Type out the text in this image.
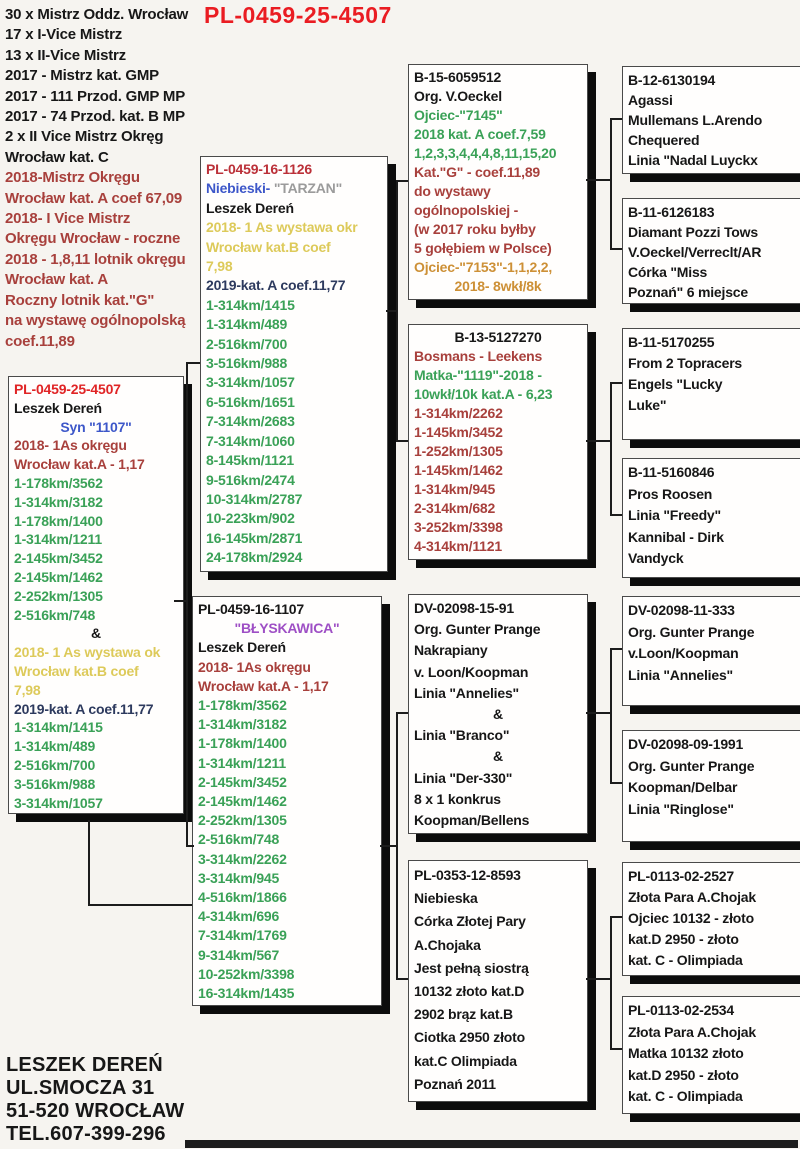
PL-0459-25-4507
30 x Mistrz Oddz. Wrocław
17 x I-Vice Mistrz
13 x II-Vice Mistrz
2017 - Mistrz kat. GMP
2017 - 111 Przod. GMP MP
2017 - 74 Przod. kat. B MP
2 x II Vice Mistrz Okręg
Wrocław kat. C
2018-Mistrz Okręgu
Wrocław kat. A coef 67,09
2018- I Vice Mistrz
Okręgu Wrocław - roczne
2018 - 1,8,11 lotnik okręgu
Wrocław kat. A
Roczny lotnik kat."G"
na wystawę ogólnopolską
coef.11,89
PL-0459-25-4507
Leszek Dereń
Syn "1107"
2018- 1As okręgu
Wrocław kat.A - 1,17
1-178km/3562
1-314km/3182
1-178km/1400
1-314km/1211
2-145km/3452
2-145km/1462
2-252km/1305
2-516km/748
&
2018- 1 As wystawa ok
Wrocław kat.B coef
7,98
2019-kat. A coef.11,77
1-314km/1415
1-314km/489
2-516km/700
3-516km/988
3-314km/1057
PL-0459-16-1126
Niebieski- "TARZAN"
Leszek Dereń
2018- 1 As wystawa okr
Wrocław kat.B coef
7,98
2019-kat. A coef.11,77
1-314km/1415
1-314km/489
2-516km/700
3-516km/988
3-314km/1057
6-516km/1651
7-314km/2683
7-314km/1060
8-145km/1121
9-516km/2474
10-314km/2787
10-223km/902
16-145km/2871
24-178km/2924
PL-0459-16-1107
"BŁYSKAWICA"
Leszek Dereń
2018- 1As okręgu
Wrocław kat.A - 1,17
1-178km/3562
1-314km/3182
1-178km/1400
1-314km/1211
2-145km/3452
2-145km/1462
2-252km/1305
2-516km/748
3-314km/2262
3-314km/945
4-516km/1866
4-314km/696
7-314km/1769
9-314km/567
10-252km/3398
16-314km/1435
B-15-6059512
Org. V.Oeckel
Ojciec-"7145"
2018 kat. A coef.7,59
1,2,3,3,4,4,4,8,11,15,20
Kat."G" - coef.11,89
do wystawy
ogólnopolskiej -
(w 2017 roku byłby
5 gołębiem w Polsce)
Ojciec-"7153"-1,1,2,2,
2018- 8wkł/8k
B-13-5127270
Bosmans - Leekens
Matka-"1119"-2018 -
10wkł/10k kat.A - 6,23
1-314km/2262
1-145km/3452
1-252km/1305
1-145km/1462
1-314km/945
2-314km/682
3-252km/3398
4-314km/1121
DV-02098-15-91
Org. Gunter Prange
Nakrapiany
v. Loon/Koopman
Linia "Annelies"
&
Linia "Branco"
&
Linia "Der-330"
8 x 1 konkrus
Koopman/Bellens
PL-0353-12-8593
Niebieska
Córka Złotej Pary
A.Chojaka
Jest pełną siostrą
10132 złoto kat.D
2902 brąz kat.B
Ciotka 2950 złoto
kat.C Olimpiada
Poznań 2011
B-12-6130194
Agassi
Mullemans L.Arendo
Chequered
Linia "Nadal Luyckx
B-11-6126183
Diamant Pozzi Tows
V.Oeckel/Verreclt/AR
Córka "Miss
Poznań" 6 miejsce
B-11-5170255
From 2 Topracers
Engels "Lucky
Luke"
B-11-5160846
Pros Roosen
Linia "Freedy"
Kannibal - Dirk
Vandyck
DV-02098-11-333
Org. Gunter Prange
v.Loon/Koopman
Linia "Annelies"
DV-02098-09-1991
Org. Gunter Prange
Koopman/Delbar
Linia "Ringlose"
PL-0113-02-2527
Złota Para A.Chojak
Ojciec 10132 - złoto
kat.D 2950 - złoto
kat. C - Olimpiada
PL-0113-02-2534
Złota Para A.Chojak
Matka 10132 złoto
kat.D 2950 - złoto
kat. C - Olimpiada
LESZEK DEREŃ
UL.SMOCZA 31
51-520 WROCŁAW
TEL.607-399-296
